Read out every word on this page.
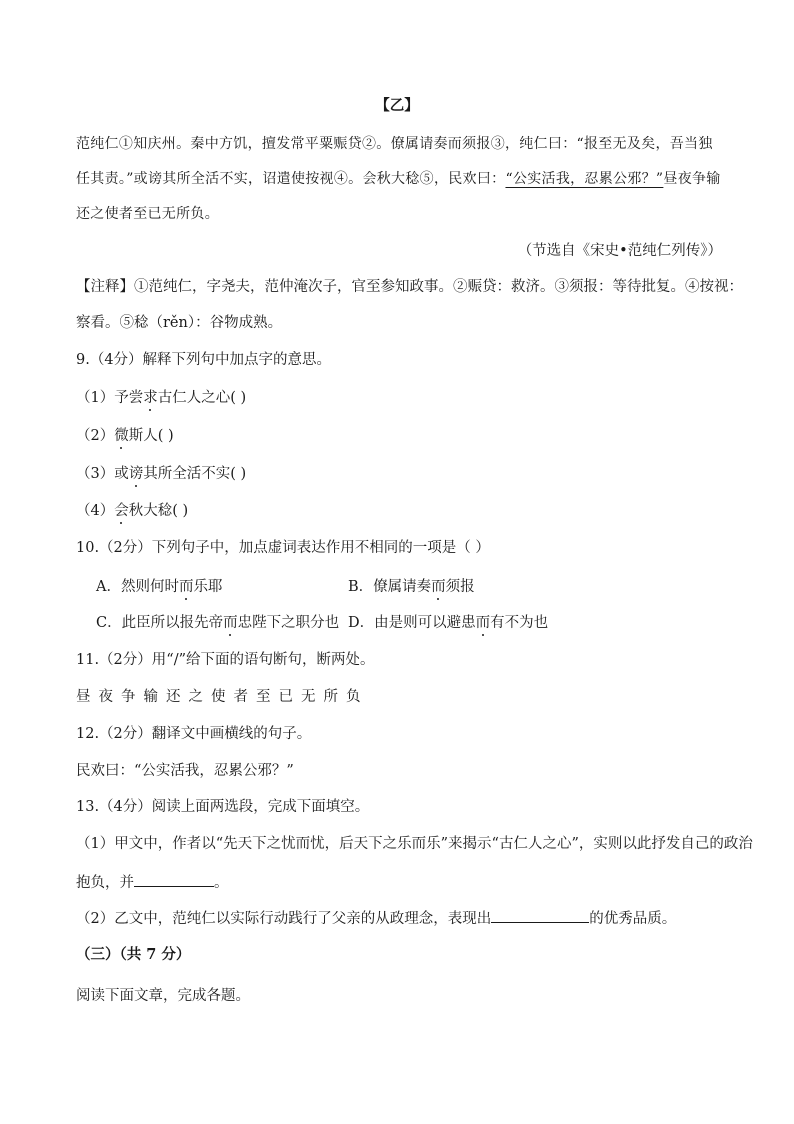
【乙】
范纯仁①知庆州。秦中方饥，擅发常平粟赈贷②。僚属请奏而须报③，纯仁曰：“报至无及矣，吾当独
任其责。”或谤其所全活不实，诏遣使按视④。会秋大稔⑤，民欢曰：“公实活我，忍累公邪？”昼夜争输
还之使者至已无所负。
（节选自《宋史•范纯仁列传》）
【注释】①范纯仁，字尧夫，范仲淹次子，官至参知政事。②赈贷：救济。③须报：等待批复。④按视：
察看。⑤稔（rěn）：谷物成熟。
9.（4分）解释下列句中加点字的意思。
（1）予尝求古仁人之心( )
（2）微斯人( )
（3）或谤其所全活不实( )
（4）会秋大稔( )
10.（2分）下列句子中，加点虚词表达作用不相同的一项是（ ）
A．然则何时而乐耶	B．僚属请奏而须报
C．此臣所以报先帝而忠陛下之职分也 D．由是则可以避患而有不为也
11.（2分）用“/”给下面的语句断句，断两处。
昼 夜 争 输 还 之 使 者 至 已 无 所 负
12.（2分）翻译文中画横线的句子。
民欢曰：“公实活我，忍累公邪？”
13.（4分）阅读上面两选段，完成下面填空。
（1）甲文中，作者以“先天下之忧而忧，后天下之乐而乐”来揭示“古仁人之心”，实则以此抒发自己的政治
抱负，并	。
（2）乙文中，范纯仁以实际行动践行了父亲的从政理念，表现出	的优秀品质。
（三）（共 7 分）
阅读下面文章，完成各题。
